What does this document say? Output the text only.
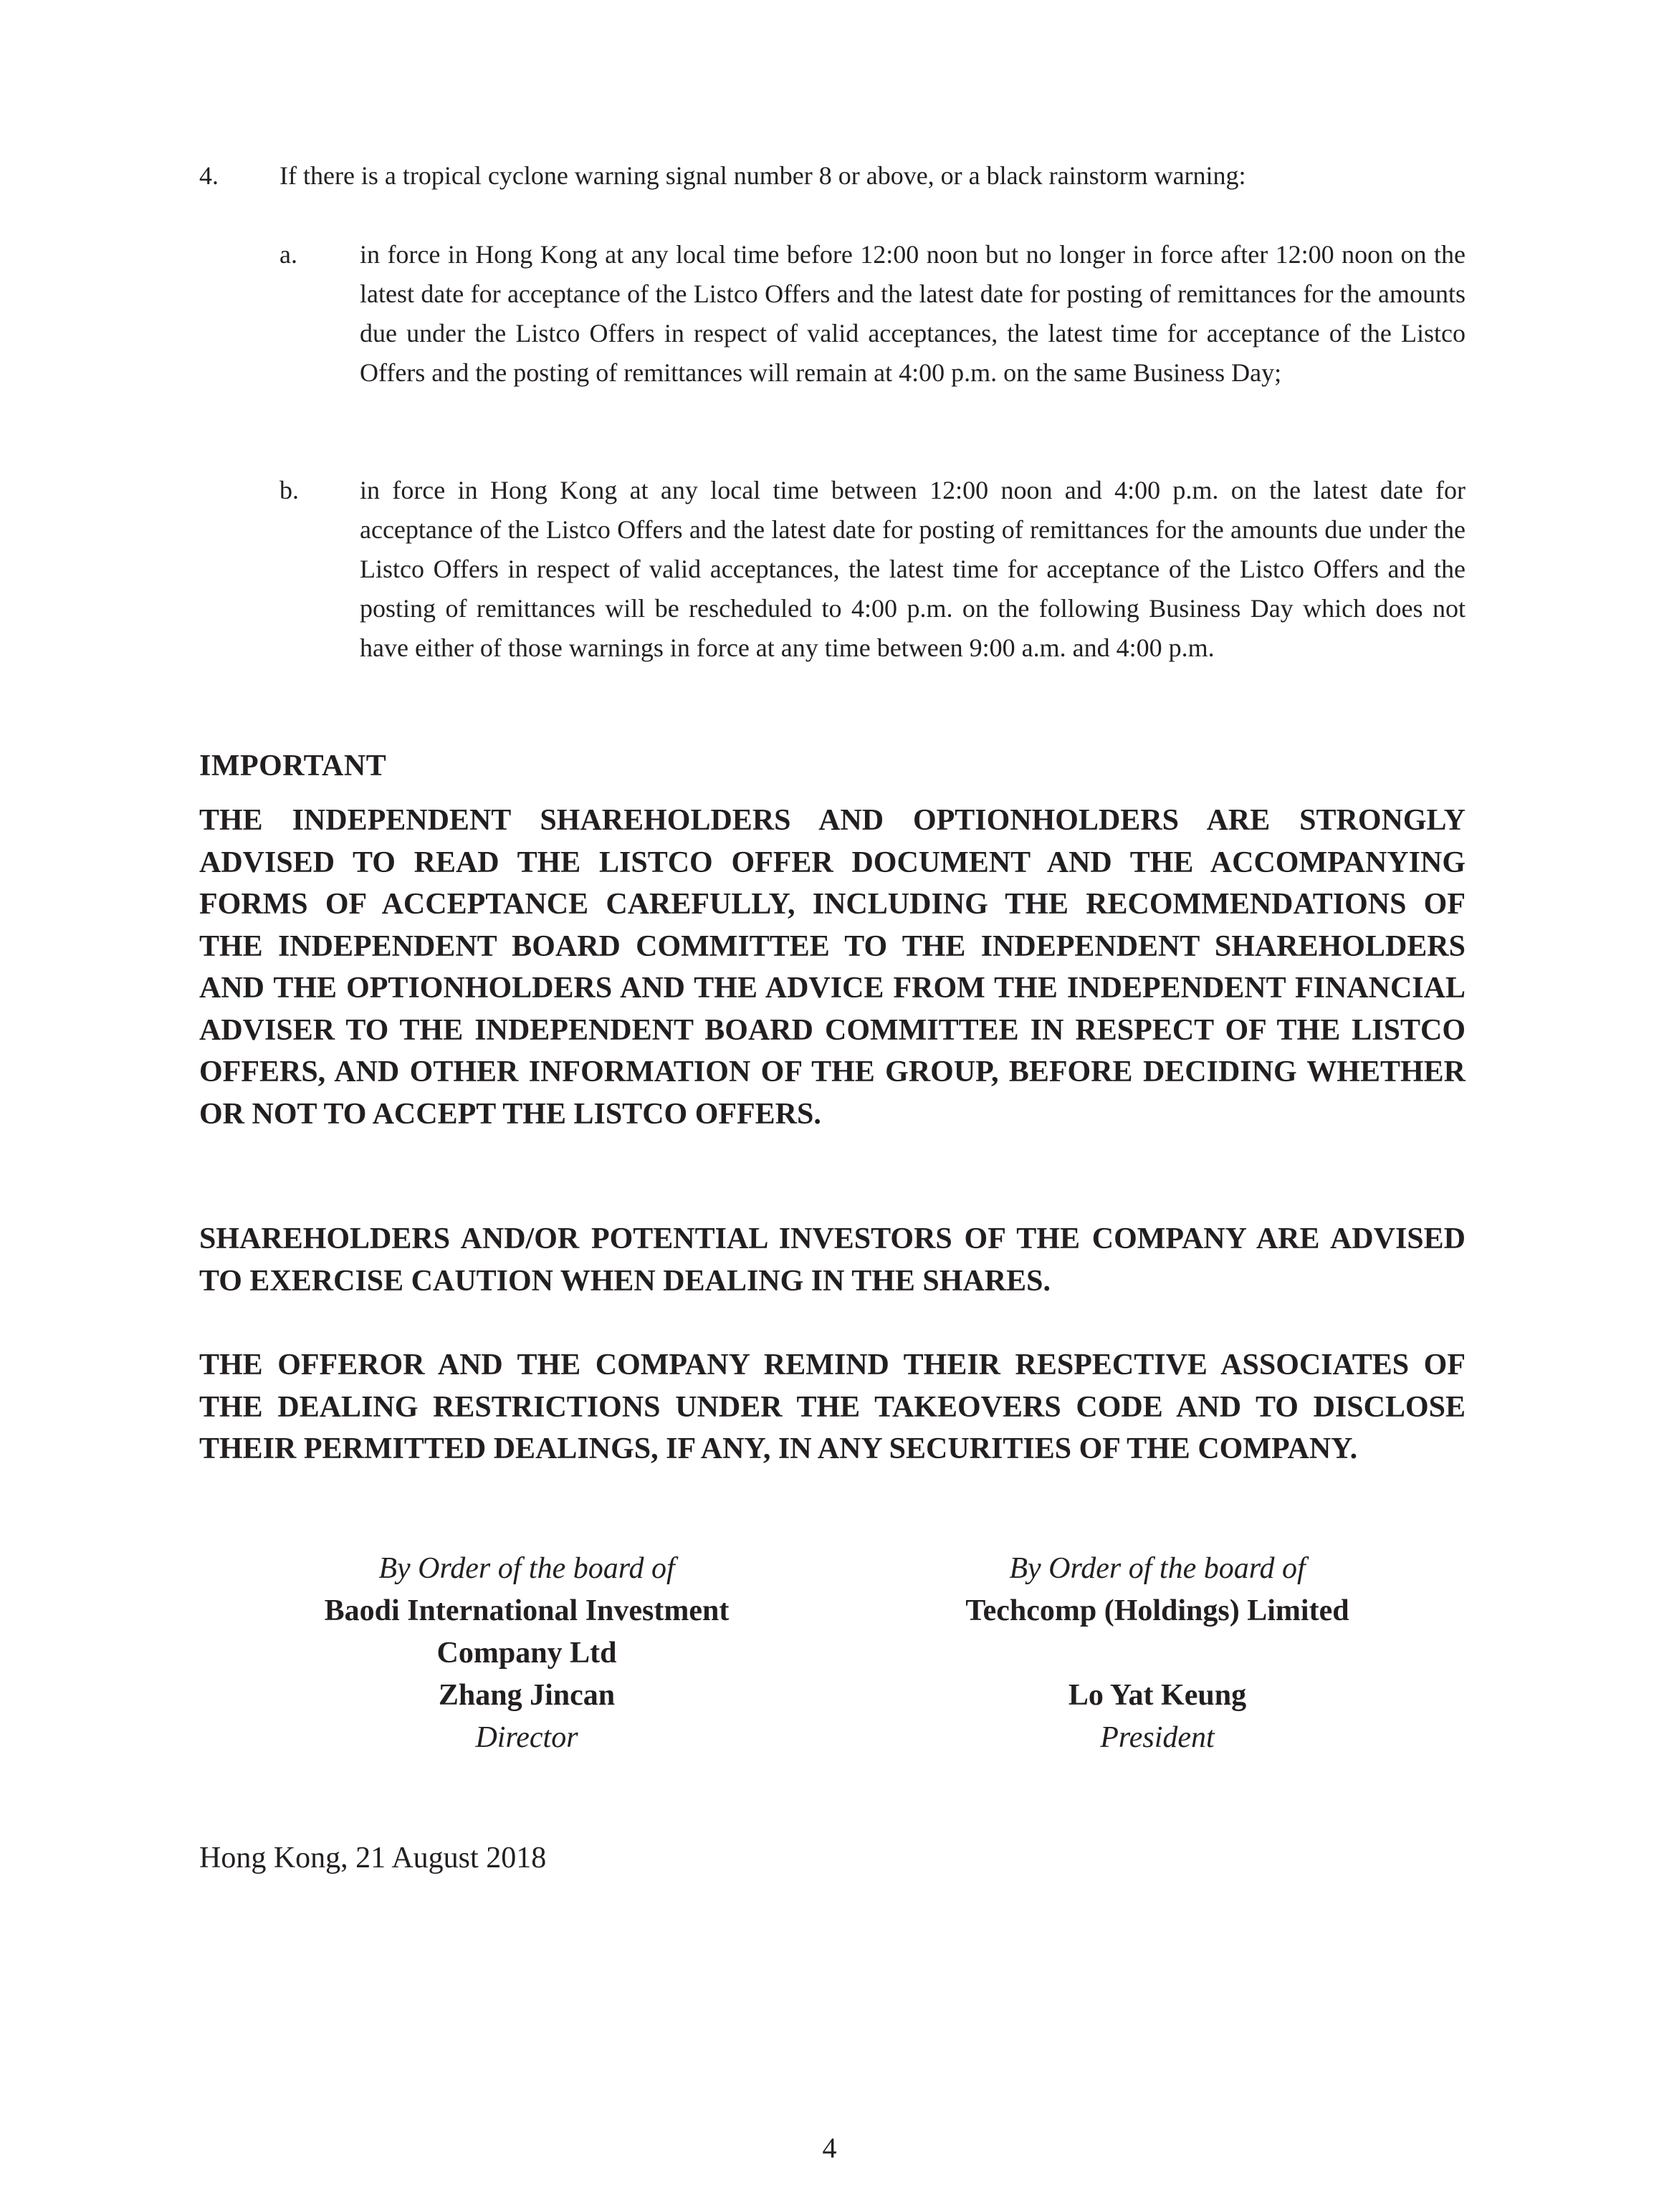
4. If there is a tropical cyclone warning signal number 8 or above, or a black rainstorm warning:
a. in force in Hong Kong at any local time before 12:00 noon but no longer in force after 12:00 noon on the latest date for acceptance of the Listco Offers and the latest date for posting of remittances for the amounts due under the Listco Offers in respect of valid acceptances, the latest time for acceptance of the Listco Offers and the posting of remittances will remain at 4:00 p.m. on the same Business Day;
b. in force in Hong Kong at any local time between 12:00 noon and 4:00 p.m. on the latest date for acceptance of the Listco Offers and the latest date for posting of remittances for the amounts due under the Listco Offers in respect of valid acceptances, the latest time for acceptance of the Listco Offers and the posting of remittances will be rescheduled to 4:00 p.m. on the following Business Day which does not have either of those warnings in force at any time between 9:00 a.m. and 4:00 p.m.
IMPORTANT
THE INDEPENDENT SHAREHOLDERS AND OPTIONHOLDERS ARE STRONGLY ADVISED TO READ THE LISTCO OFFER DOCUMENT AND THE ACCOMPANYING FORMS OF ACCEPTANCE CAREFULLY, INCLUDING THE RECOMMENDATIONS OF THE INDEPENDENT BOARD COMMITTEE TO THE INDEPENDENT SHAREHOLDERS AND THE OPTIONHOLDERS AND THE ADVICE FROM THE INDEPENDENT FINANCIAL ADVISER TO THE INDEPENDENT BOARD COMMITTEE IN RESPECT OF THE LISTCO OFFERS, AND OTHER INFORMATION OF THE GROUP, BEFORE DECIDING WHETHER OR NOT TO ACCEPT THE LISTCO OFFERS.
SHAREHOLDERS AND/OR POTENTIAL INVESTORS OF THE COMPANY ARE ADVISED TO EXERCISE CAUTION WHEN DEALING IN THE SHARES.
THE OFFEROR AND THE COMPANY REMIND THEIR RESPECTIVE ASSOCIATES OF THE DEALING RESTRICTIONS UNDER THE TAKEOVERS CODE AND TO DISCLOSE THEIR PERMITTED DEALINGS, IF ANY, IN ANY SECURITIES OF THE COMPANY.
By Order of the board of
Baodi International Investment
Company Ltd
Zhang Jincan
Director
By Order of the board of
Techcomp (Holdings) Limited
Lo Yat Keung
President
Hong Kong, 21 August 2018
4
